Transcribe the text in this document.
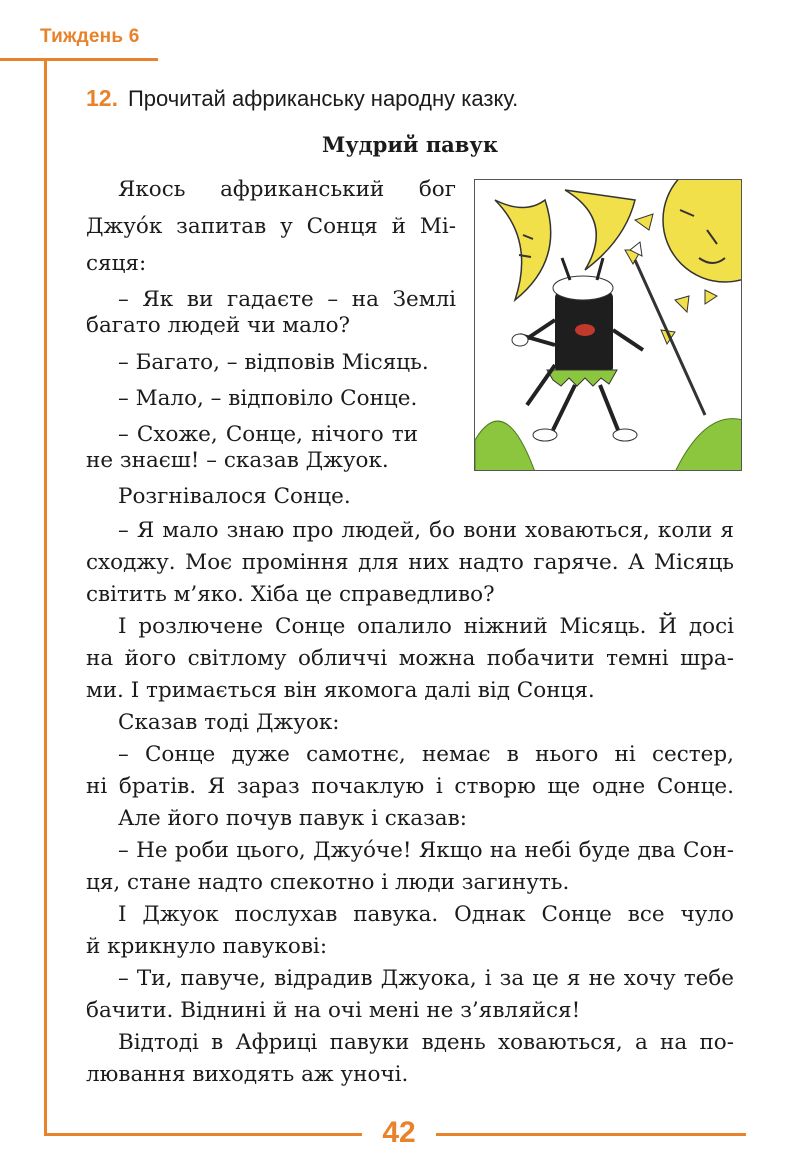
Тиждень 6
12. Прочитай африканську народну казку.
Мудрий павук
Якось африканський бог
Джуо́к запитав у Сонця й Мі-
сяця:
– Як ви гадаєте – на Землі
багато людей чи мало?
– Багато, – відповів Місяць.
– Мало, – відповіло Сонце.
– Схоже, Сонце, нічого ти
не знаєш! – сказав Джуок.
Розгнівалося Сонце.
– Я мало знаю про людей, бо вони ховаються, коли я
сходжу. Моє проміння для них надто гаряче. А Місяць
світить м’яко. Хіба це справедливо?
І розлючене Сонце опалило ніжний Місяць. Й досі
на його світлому обличчі можна побачити темні шра-
ми. І тримається він якомога далі від Сонця.
Сказав тоді Джуок:
– Сонце дуже самотнє, немає в нього ні сестер,
ні братів. Я зараз почаклую і створю ще одне Сонце.
Але його почув павук і сказав:
– Не роби цього, Джуо́че! Якщо на небі буде два Сон-
ця, стане надто спекотно і люди загинуть.
І Джуок послухав павука. Однак Сонце все чуло
й крикнуло павукові:
– Ти, павуче, відрадив Джуока, і за це я не хочу тебе
бачити. Віднині й на очі мені не з’являйся!
Відтоді в Африці павуки вдень ховаються, а на по-
лювання виходять аж уночі.
42
